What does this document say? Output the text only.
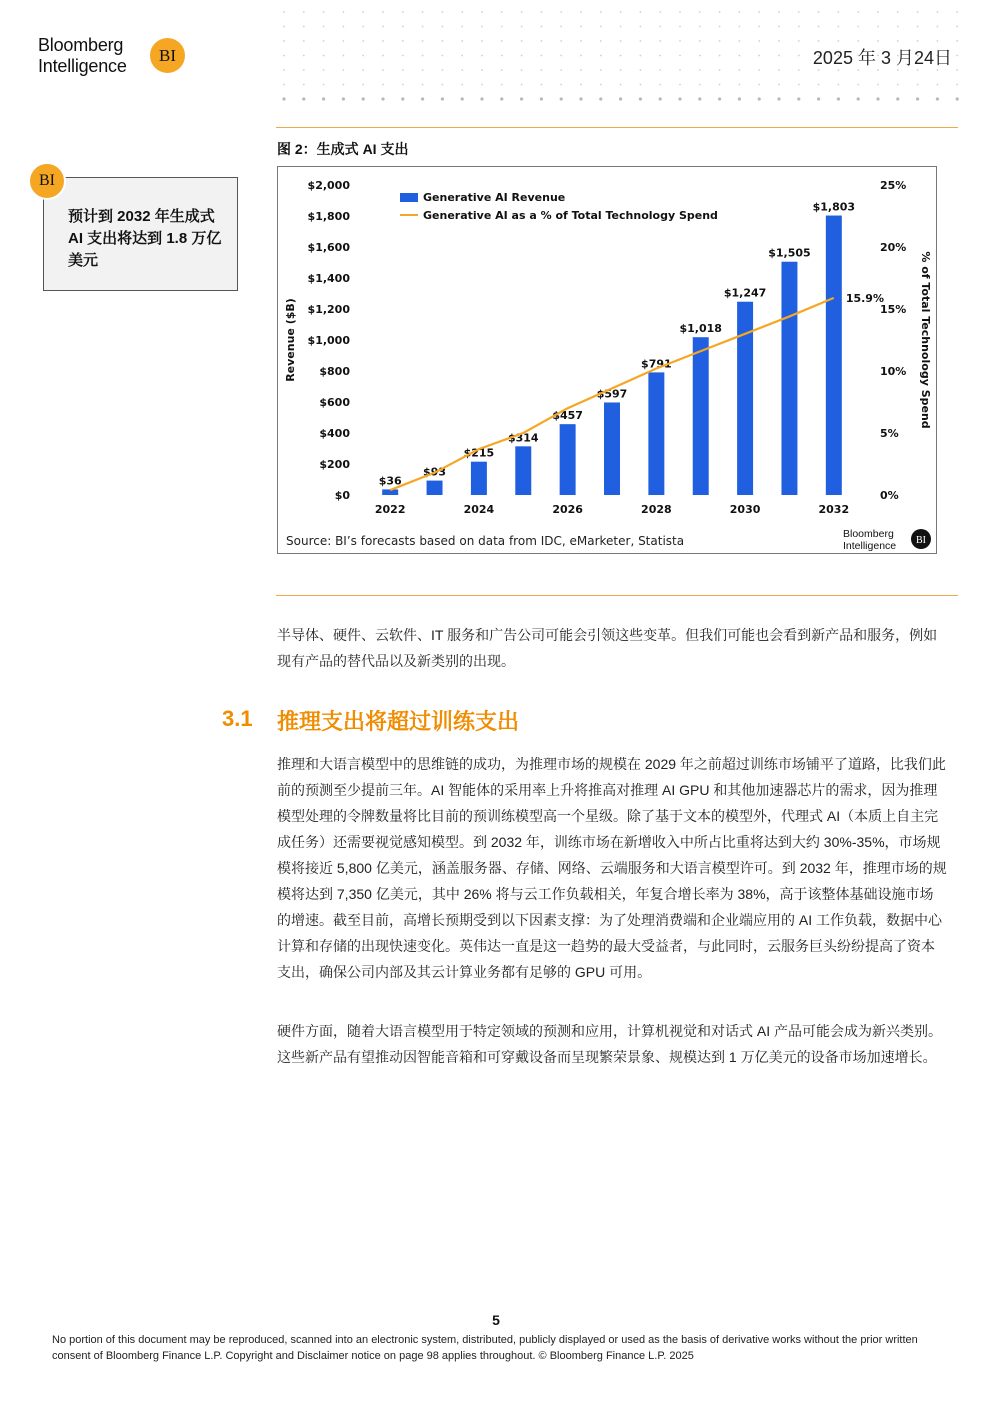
Bloomberg
Intelligence
BI	2025 年 3 月24日
图 2：生成式 AI 支出
BI
预计到 2032 年生成式 AI 支出将达到 1.8 万亿美元
$0
$200
$400
$600
$800
$1,000
$1,200
$1,400
$1,600
$1,800
$2,000
0%
5%
10%
15%
20%
25%
Revenue ($B)	% of Total Technology Spend
$36
$93
$215
$314
$457
$597
$791
$1,018
$1,247
$1,505
$1,803
15.9%
2022	2024	2026	2028	2030	2032
Generative AI Revenue
Generative AI as a % of Total Technology Spend
Source: BI’s forecasts based on data from IDC, eMarketer, Statista	Bloomberg
Intelligence BI
半导体、硬件、云软件、IT 服务和广告公司可能会引领这些变革。但我们可能也会看到新产品和服务，例如现有产品的替代品以及新类别的出现。
3.1 推理支出将超过训练支出
推理和大语言模型中的思维链的成功，为推理市场的规模在 2029 年之前超过训练市场铺平了道路，比我们此前的预测至少提前三年。AI 智能体的采用率上升将推高对推理 AI GPU 和其他加速器芯片的需求，因为推理模型处理的令牌数量将比目前的预训练模型高一个星级。除了基于文本的模型外，代理式 AI（本质上自主完成任务）还需要视觉感知模型。到 2032 年，训练市场在新增收入中所占比重将达到大约 30%-35%，市场规模将接近 5,800 亿美元，涵盖服务器、存储、网络、云端服务和大语言模型许可。到 2032 年，推理市场的规模将达到 7,350 亿美元，其中 26% 将与云工作负载相关，年复合增长率为 38%，高于该整体基础设施市场的增速。截至目前，高增长预期受到以下因素支撑：为了处理消费端和企业端应用的 AI 工作负载，数据中心计算和存储的出现快速变化。英伟达一直是这一趋势的最大受益者，与此同时，云服务巨头纷纷提高了资本支出，确保公司内部及其云计算业务都有足够的 GPU 可用。
硬件方面，随着大语言模型用于特定领域的预测和应用，计算机视觉和对话式 AI 产品可能会成为新兴类别。这些新产品有望推动因智能音箱和可穿戴设备而呈现繁荣景象、规模达到 1 万亿美元的设备市场加速增长。
5
No portion of this document may be reproduced, scanned into an electronic system, distributed, publicly displayed or used as the basis of derivative works without the prior written consent of Bloomberg Finance L.P. Copyright and Disclaimer notice on page 98 applies throughout. © Bloomberg Finance L.P. 2025
